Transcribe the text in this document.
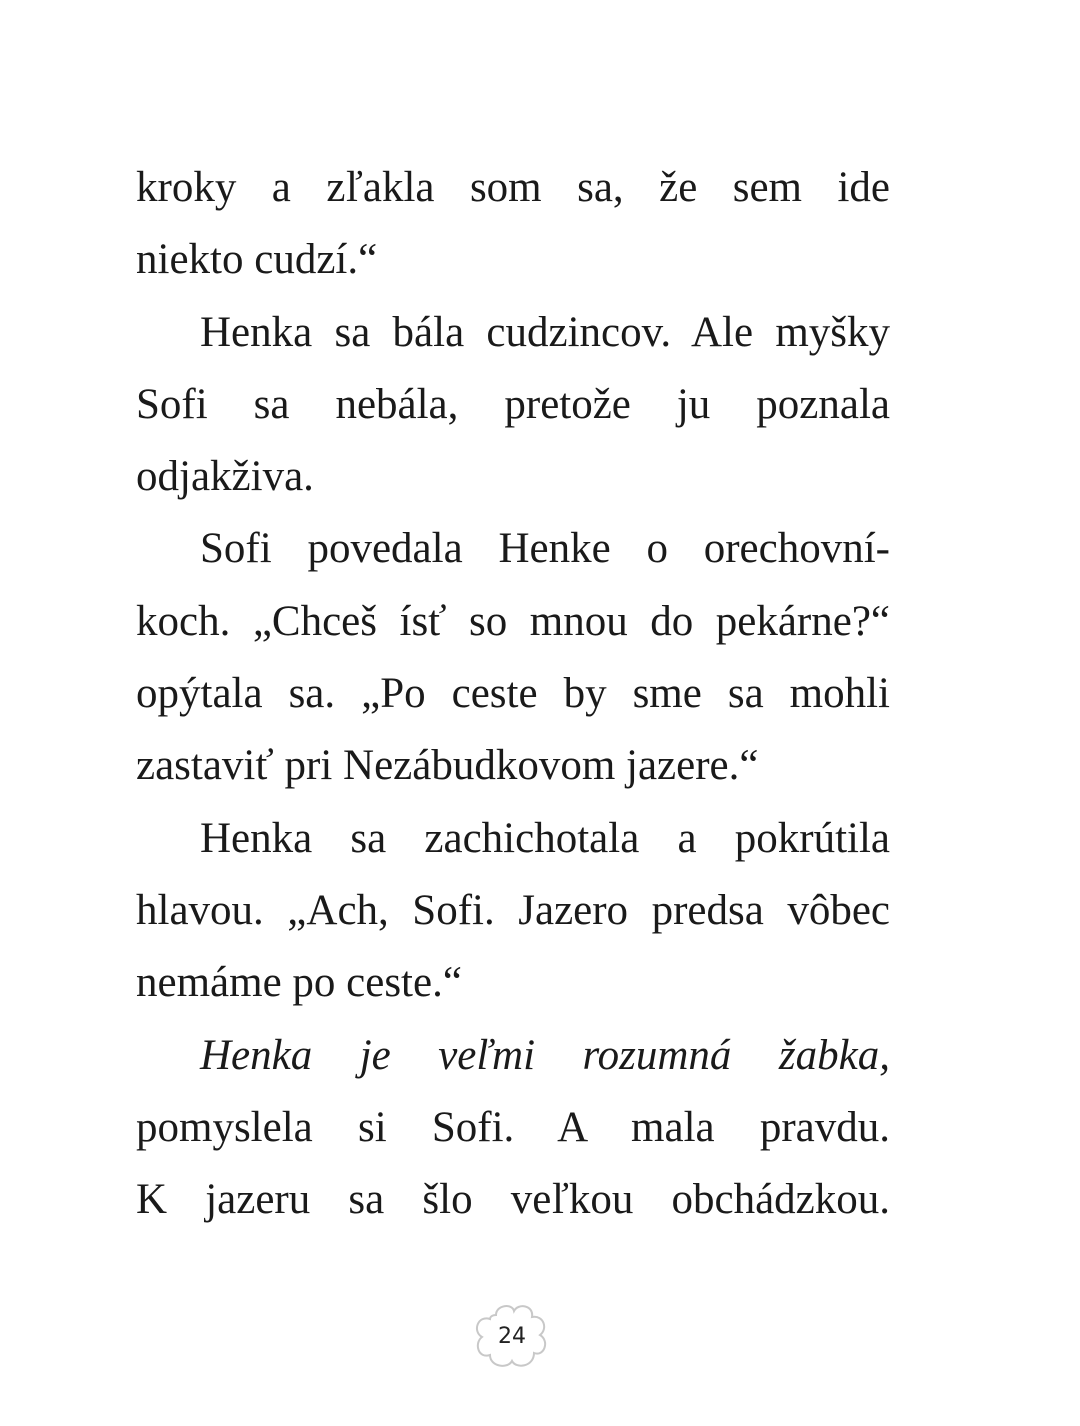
kroky a zľakla som sa, že sem ide
niekto cudzí.“
Henka sa bála cudzincov. Ale myšky
Sofi sa nebála, pretože ju poznala
odjakživa.
Sofi povedala Henke o orechovní-
koch. „Chceš ísť so mnou do pekárne?“
opýtala sa. „Po ceste by sme sa mohli
zastaviť pri Nezábudkovom jazere.“
Henka sa zachichotala a pokrútila
hlavou. „Ach, Sofi. Jazero predsa vôbec
nemáme po ceste.“
Henka je veľmi rozumná žabka,
pomyslela si Sofi. A mala pravdu.
K jazeru sa šlo veľkou obchádzkou.
24
